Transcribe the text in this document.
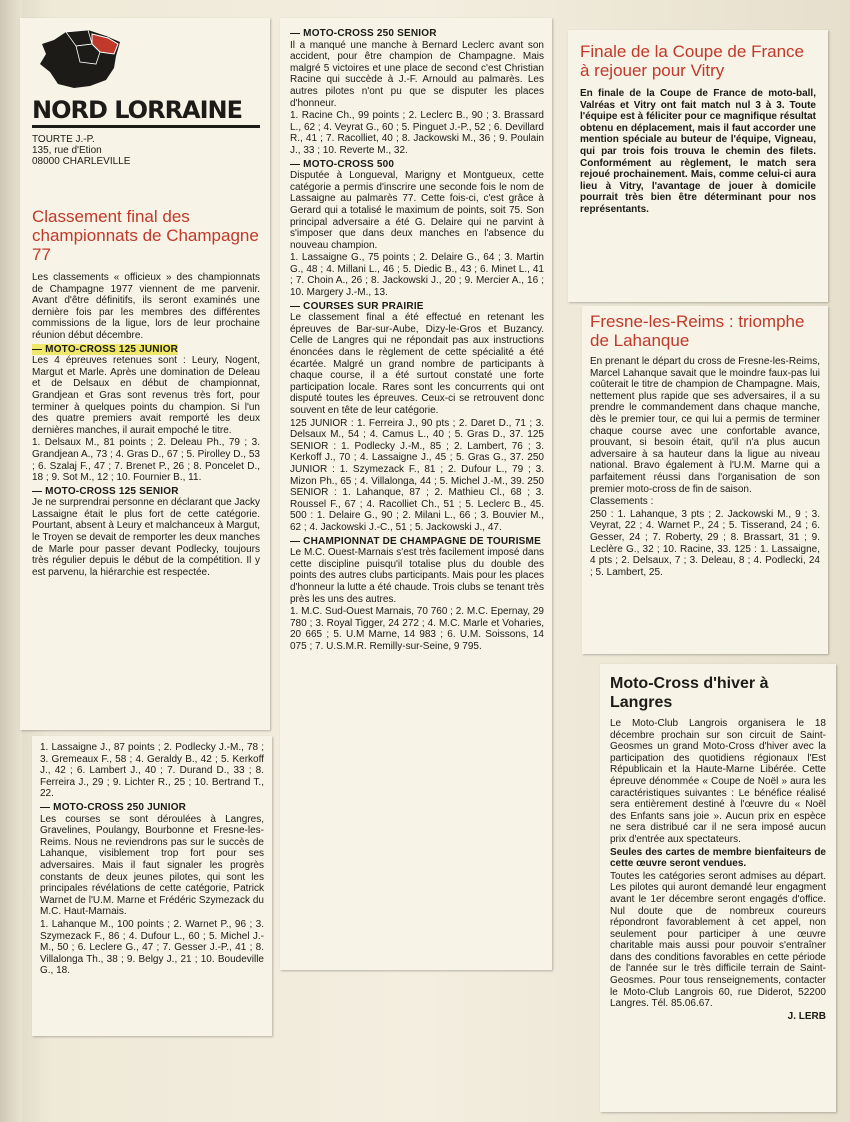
NORD LORRAINE
TOURTE J.-P.
135, rue d'Etion
08000 CHARLEVILLE
Classement final des championnats de Champagne 77

Les classements « officieux » des championnats de Champagne 1977 viennent de me parvenir. Avant d'être définitifs, ils seront examinés une dernière fois par les membres des différentes commissions de la ligue, lors de leur prochaine réunion début décembre.

— MOTO-CROSS 125 JUNIOR

Les 4 épreuves retenues sont : Leury, Nogent, Margut et Marle. Après une domination de Deleau et de Delsaux en début de championnat, Grandjean et Gras sont revenus très fort, pour terminer à quelques points du champion. Si l'un des quatre premiers avait remporté les deux dernières manches, il aurait empoché le titre.

1. Delsaux M., 81 points ; 2. Deleau Ph., 79 ; 3. Grandjean A., 73 ; 4. Gras D., 67 ; 5. Pirolley D., 53 ; 6. Szalaj F., 47 ; 7. Brenet P., 26 ; 8. Poncelet D., 18 ; 9. Sot M., 12 ; 10. Fournier B., 11.

— MOTO-CROSS 125 SENIOR

Je ne surprendrai personne en déclarant que Jacky Lassaigne était le plus fort de cette catégorie. Pourtant, absent à Leury et malchanceux à Margut, le Troyen se devait de remporter les deux manches de Marle pour passer devant Podlecky, toujours très régulier depuis le début de la compétition. Il y est parvenu, la hiérarchie est respectée.

1. Lassaigne J., 87 points ; 2. Podlecky J.-M., 78 ; 3. Gremeaux F., 58 ; 4. Geraldy B., 42 ; 5. Kerkoff J., 42 ; 6. Lambert J., 40 ; 7. Durand D., 33 ; 8. Ferreira J., 29 ; 9. Lichter R., 25 ; 10. Bertrand T., 22.

— MOTO-CROSS 250 JUNIOR

Les courses se sont déroulées à Langres, Gravelines, Poulangy, Bourbonne et Fresne-les-Reims. Nous ne reviendrons pas sur le succès de Lahanque, visiblement trop fort pour ses adversaires. Mais il faut signaler les progrès constants de deux jeunes pilotes, qui sont les principales révélations de cette catégorie, Patrick Warnet de l'U.M. Marne et Frédéric Szymezack du M.C. Haut-Marnais.

1. Lahanque M., 100 points ; 2. Warnet P., 96 ; 3. Szymezack F., 86 ; 4. Dufour L., 60 ; 5. Michel J.-M., 50 ; 6. Leclere G., 47 ; 7. Gesser J.-P., 41 ; 8. Villalonga Th., 38 ; 9. Belgy J., 21 ; 10. Boudeville G., 18.

— MOTO-CROSS 250 SENIOR

Il a manqué une manche à Bernard Leclerc avant son accident, pour être champion de Champagne. Mais malgré 5 victoires et une place de second c'est Christian Racine qui succède à J.-F. Arnould au palmarès. Les autres pilotes n'ont pu que se disputer les places d'honneur.

1. Racine Ch., 99 points ; 2. Leclerc B., 90 ; 3. Brassard L., 62 ; 4. Veyrat G., 60 ; 5. Pinguet J.-P., 52 ; 6. Devillard R., 41 ; 7. Racolliet, 40 ; 8. Jackowski M., 36 ; 9. Poulain J., 33 ; 10. Reverte M., 32.

— MOTO-CROSS 500

Disputée à Longueval, Marigny et Montgueux, cette catégorie a permis d'inscrire une seconde fois le nom de Lassaigne au palmarès 77. Cette fois-ci, c'est grâce à Gerard qui a totalisé le maximum de points, soit 75. Son principal adversaire a été G. Delaire qui ne parvint à s'imposer que dans deux manches en l'absence du nouveau champion.

1. Lassaigne G., 75 points ; 2. Delaire G., 64 ; 3. Martin G., 48 ; 4. Millani L., 46 ; 5. Diedic B., 43 ; 6. Minet L., 41 ; 7. Choin A., 26 ; 8. Jackowski J., 20 ; 9. Mercier A., 16 ; 10. Margery J.-M., 13.

— COURSES SUR PRAIRIE

Le classement final a été effectué en retenant les épreuves de Bar-sur-Aube, Dizy-le-Gros et Buzancy. Celle de Langres qui ne répondait pas aux instructions énoncées dans le règlement de cette spécialité a été écartée. Malgré un grand nombre de participants à chaque course, il a été surtout constaté une forte participation locale. Rares sont les concurrents qui ont disputé toutes les épreuves. Ceux-ci se retrouvent donc souvent en tête de leur catégorie.

125 JUNIOR : 1. Ferreira J., 90 pts ; 2. Daret D., 71 ; 3. Delsaux M., 54 ; 4. Camus L., 40 ; 5. Gras D., 37. 125 SENIOR : 1. Podlecky J.-M., 85 ; 2. Lambert, 76 ; 3. Kerkoff J., 70 ; 4. Lassaigne J., 45 ; 5. Gras G., 37. 250 JUNIOR : 1. Szymezack F., 81 ; 2. Dufour L., 79 ; 3. Mizon Ph., 65 ; 4. Villalonga, 44 ; 5. Michel J.-M., 39. 250 SENIOR : 1. Lahanque, 87 ; 2. Mathieu Cl., 68 ; 3. Roussel F., 67 ; 4. Racolliet Ch., 51 ; 5. Leclerc B., 45. 500 : 1. Delaire G., 90 ; 2. Milani L., 66 ; 3. Bouvier M., 62 ; 4. Jackowski J.-C., 51 ; 5. Jackowski J., 47.

— CHAMPIONNAT DE CHAMPAGNE DE TOURISME

Le M.C. Ouest-Marnais s'est très facilement imposé dans cette discipline puisqu'il totalise plus du double des points des autres clubs participants. Mais pour les places d'honneur la lutte a été chaude. Trois clubs se tenant très près les uns des autres.

1. M.C. Sud-Ouest Marnais, 70 760 ; 2. M.C. Epernay, 29 780 ; 3. Royal Tigger, 24 272 ; 4. M.C. Marle et Voharies, 20 665 ; 5. U.M Marne, 14 983 ; 6. U.M. Soissons, 14 075 ; 7. U.S.M.R. Remilly-sur-Seine, 9 795.

Finale de la Coupe de France à rejouer pour Vitry

En finale de la Coupe de France de moto-ball, Valréas et Vitry ont fait match nul 3 à 3. Toute l'équipe est à féliciter pour ce magnifique résultat obtenu en déplacement, mais il faut accorder une mention spéciale au buteur de l'équipe, Vigneau, qui par trois fois trouva le chemin des filets. Conformément au règlement, le match sera rejoué prochainement. Mais, comme celui-ci aura lieu à Vitry, l'avantage de jouer à domicile pourrait très bien être déterminant pour nos représentants.

Fresne-les-Reims : triomphe de Lahanque

En prenant le départ du cross de Fresne-les-Reims, Marcel Lahanque savait que le moindre faux-pas lui coûterait le titre de champion de Champagne. Mais, nettement plus rapide que ses adversaires, il a su prendre le commandement dans chaque manche, dès le premier tour, ce qui lui a permis de terminer chaque course avec une confortable avance, prouvant, si besoin était, qu'il n'a plus aucun adversaire à sa hauteur dans la ligue au niveau national. Bravo également à l'U.M. Marne qui a parfaitement réussi dans l'organisation de son premier moto-cross de fin de saison.

Classements :

250 : 1. Lahanque, 3 pts ; 2. Jackowski M., 9 ; 3. Veyrat, 22 ; 4. Warnet P., 24 ; 5. Tisserand, 24 ; 6. Gesser, 24 ; 7. Roberty, 29 ; 8. Brassart, 31 ; 9. Leclère G., 32 ; 10. Racine, 33. 125 : 1. Lassaigne, 4 pts ; 2. Delsaux, 7 ; 3. Deleau, 8 ; 4. Podlecki, 24 ; 5. Lambert, 25.

Moto-Cross d'hiver à Langres

Le Moto-Club Langrois organisera le 18 décembre prochain sur son circuit de Saint-Geosmes un grand Moto-Cross d'hiver avec la participation des quotidiens régionaux l'Est Républicain et la Haute-Marne Libérée. Cette épreuve dénommée « Coupe de Noël » aura les caractéristiques suivantes : Le bénéfice réalisé sera entièrement destiné à l'œuvre du « Noël des Enfants sans joie ». Aucun prix en espèce ne sera distribué car il ne sera imposé aucun prix d'entrée aux spectateurs.

Seules des cartes de membre bienfaiteurs de cette œuvre seront vendues.

Toutes les catégories seront admises au départ. Les pilotes qui auront demandé leur engagment avant le 1er décembre seront engagés d'office. Nul doute que de nombreux coureurs répondront favorablement à cet appel, non seulement pour participer à une œuvre charitable mais aussi pour pouvoir s'entraîner dans des conditions favorables en cette période de l'année sur le très difficile terrain de Saint-Geosmes. Pour tous renseignements, contacter le Moto-Club Langrois 60, rue Diderot, 52200 Langres. Tél. 85.06.67.

J. LERB
